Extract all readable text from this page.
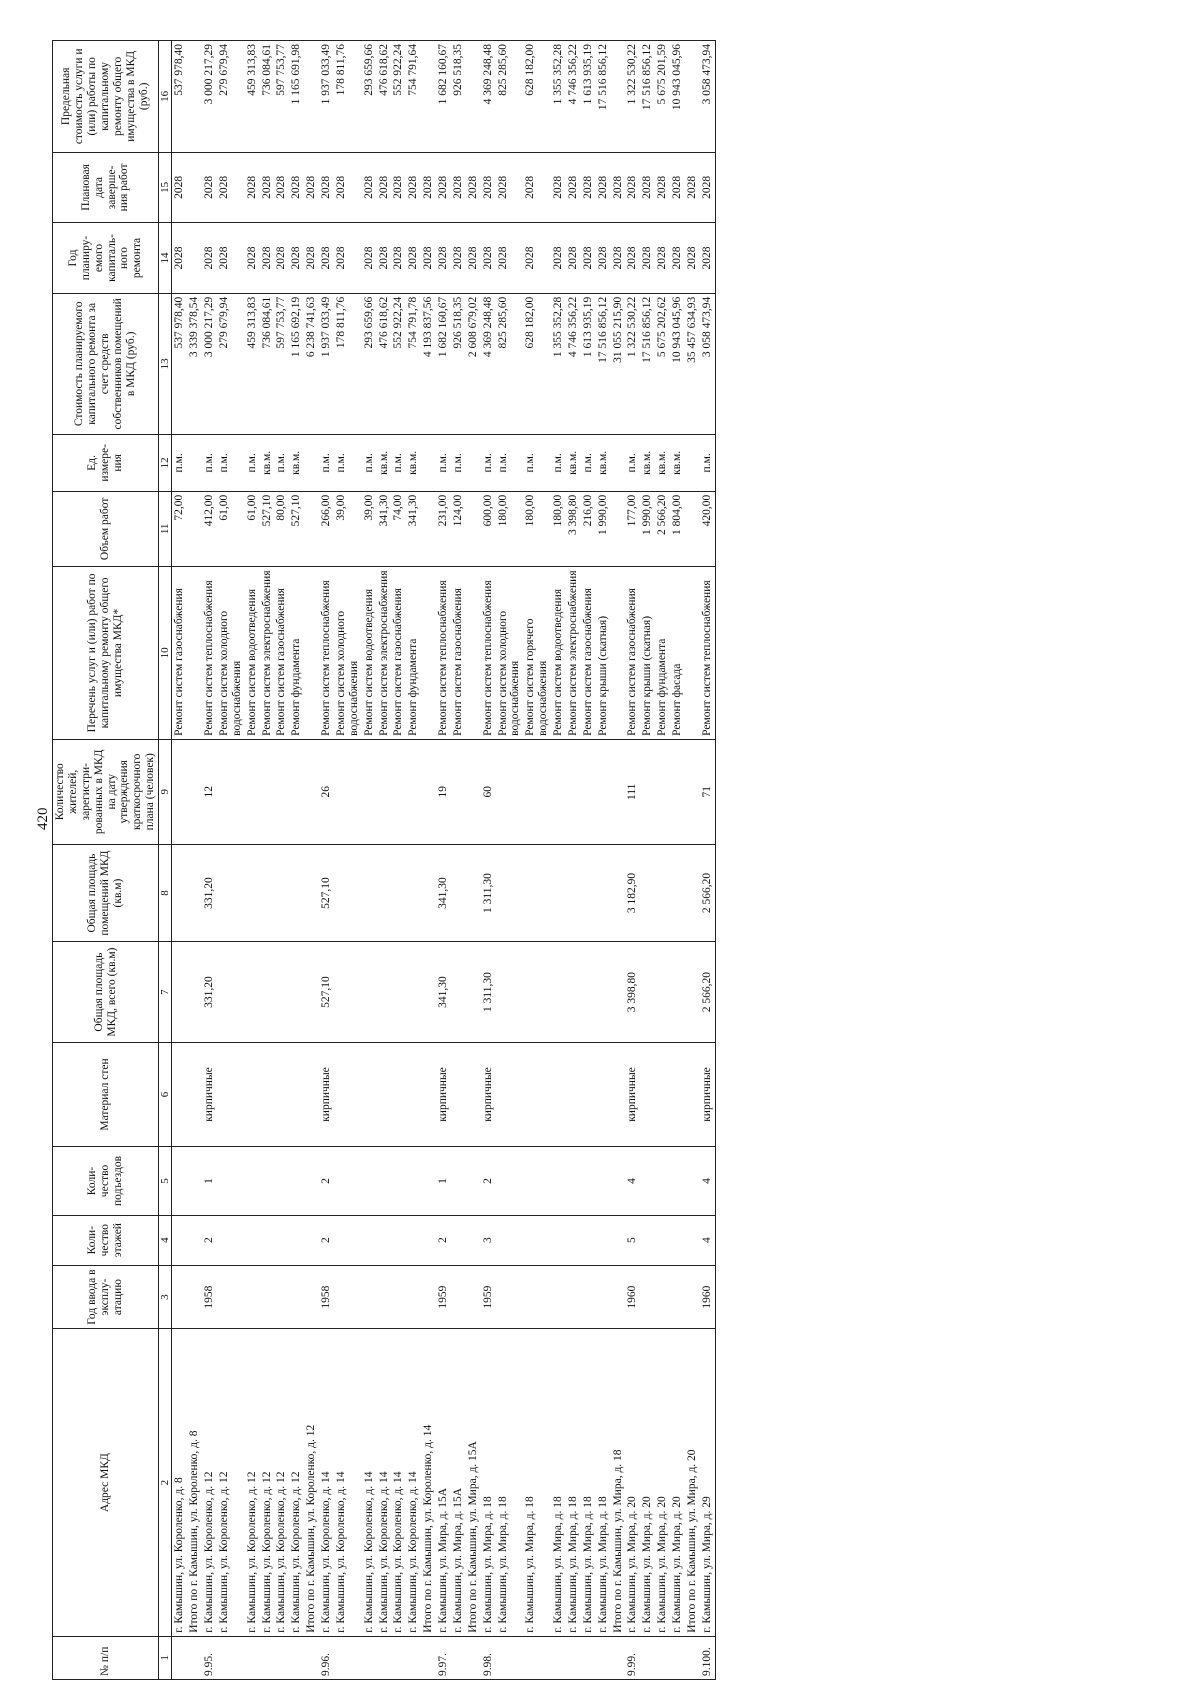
420
№ п/п	Адрес МКД	Год ввода в эксплу- атацию	Коли- чество этажей	Коли- чество подъездов	Материал стен	Общая площадь МКД, всего (кв.м)	Общая площадь помещений МКД (кв.м)	Количество жителей, зарегистри- рованных в МКД на дату утверждения краткосрочного плана (человек)	Перечень услуг и (или) работ по капитальному ремонту общего имущества МКД*	Объем работ	Ед. измере- ния	Стоимость планируемого капитального ремонта за счет средств собственников помещений в МКД (руб.)	Год планиру- емого капиталь- ного ремонта	Плановая дата заверше- ния работ	Предельная стоимость услуги и (или) работы по капитальному ремонту общего имущества в МКД (руб.)
1	2	3	4	5	6	7	8	9	10	11	12	13	14	15	16
	г. Камышин, ул. Короленко, д. 8								Ремонт систем газоснабжения	72,00	п.м.	537 978,40	2028	2028	537 978,40
	Итого по г. Камышин, ул. Короленко, д. 8											3 339 378,54			
9.95.	г. Камышин, ул. Короленко, д. 12	1958	2	1	кирпичные	331,20	331,20	12	Ремонт систем теплоснабжения	412,00	п.м.	3 000 217,29	2028	2028	3 000 217,29
	г. Камышин, ул. Короленко, д. 12								Ремонт систем холодного водоснабжения	61,00	п.м.	279 679,94	2028	2028	279 679,94
	г. Камышин, ул. Короленко, д. 12								Ремонт систем водоотведения	61,00	п.м.	459 313,83	2028	2028	459 313,83
	г. Камышин, ул. Короленко, д. 12								Ремонт систем электроснабжения	527,10	кв.м.	736 084,61	2028	2028	736 084,61
	г. Камышин, ул. Короленко, д. 12								Ремонт систем газоснабжения	80,00	п.м.	597 753,77	2028	2028	597 753,77
	г. Камышин, ул. Короленко, д. 12								Ремонт фундамента	527,10	кв.м.	1 165 692,19	2028	2028	1 165 691,98
	Итого по г. Камышин, ул. Короленко, д. 12											6 238 741,63	2028	2028	
9.96.	г. Камышин, ул. Короленко, д. 14	1958	2	2	кирпичные	527,10	527,10	26	Ремонт систем теплоснабжения	266,00	п.м.	1 937 033,49	2028	2028	1 937 033,49
	г. Камышин, ул. Короленко, д. 14								Ремонт систем холодного водоснабжения	39,00	п.м.	178 811,76	2028	2028	178 811,76
	г. Камышин, ул. Короленко, д. 14								Ремонт систем водоотведения	39,00	п.м.	293 659,66	2028	2028	293 659,66
	г. Камышин, ул. Короленко, д. 14								Ремонт систем электроснабжения	341,30	кв.м.	476 618,62	2028	2028	476 618,62
	г. Камышин, ул. Короленко, д. 14								Ремонт систем газоснабжения	74,00	п.м.	552 922,24	2028	2028	552 922,24
	г. Камышин, ул. Короленко, д. 14								Ремонт фундамента	341,30	кв.м.	754 791,78	2028	2028	754 791,64
	Итого по г. Камышин, ул. Короленко, д. 14											4 193 837,56	2028	2028	
9.97.	г. Камышин, ул. Мира, д. 15А	1959	2	1	кирпичные	341,30	341,30	19	Ремонт систем теплоснабжения	231,00	п.м.	1 682 160,67	2028	2028	1 682 160,67
	г. Камышин, ул. Мира, д. 15А								Ремонт систем газоснабжения	124,00	п.м.	926 518,35	2028	2028	926 518,35
	Итого по г. Камышин, ул. Мира, д. 15А											2 608 679,02	2028	2028	
9.98.	г. Камышин, ул. Мира, д. 18	1959	3	2	кирпичные	1 311,30	1 311,30	60	Ремонт систем теплоснабжения	600,00	п.м.	4 369 248,48	2028	2028	4 369 248,48
	г. Камышин, ул. Мира, д. 18								Ремонт систем холодного водоснабжения	180,00	п.м.	825 285,60	2028	2028	825 285,60
	г. Камышин, ул. Мира, д. 18								Ремонт систем горячего водоснабжения	180,00	п.м.	628 182,00	2028	2028	628 182,00
	г. Камышин, ул. Мира, д. 18								Ремонт систем водоотведения	180,00	п.м.	1 355 352,28	2028	2028	1 355 352,28
	г. Камышин, ул. Мира, д. 18								Ремонт систем электроснабжения	3 398,80	кв.м.	4 746 356,22	2028	2028	4 746 356,22
	г. Камышин, ул. Мира, д. 18								Ремонт систем газоснабжения	216,00	п.м.	1 613 935,19	2028	2028	1 613 935,19
	г. Камышин, ул. Мира, д. 18								Ремонт крыши (скатная)	1 990,00	кв.м.	17 516 856,12	2028	2028	17 516 856,12
	Итого по г. Камышин, ул. Мира, д. 18											31 055 215,90	2028	2028	
9.99.	г. Камышин, ул. Мира, д. 20	1960	5	4	кирпичные	3 398,80	3 182,90	111	Ремонт систем газоснабжения	177,00	п.м.	1 322 530,22	2028	2028	1 322 530,22
	г. Камышин, ул. Мира, д. 20								Ремонт крыши (скатная)	1 990,00	кв.м.	17 516 856,12	2028	2028	17 516 856,12
	г. Камышин, ул. Мира, д. 20								Ремонт фундамента	2 566,20	кв.м.	5 675 202,62	2028	2028	5 675 201,59
	г. Камышин, ул. Мира, д. 20								Ремонт фасада	1 804,00	кв.м.	10 943 045,96	2028	2028	10 943 045,96
	Итого по г. Камышин, ул. Мира, д. 20											35 457 634,93	2028	2028	
9.100.	г. Камышин, ул. Мира, д. 29	1960	4	4	кирпичные	2 566,20	2 566,20	71	Ремонт систем теплоснабжения	420,00	п.м.	3 058 473,94	2028	2028	3 058 473,94
